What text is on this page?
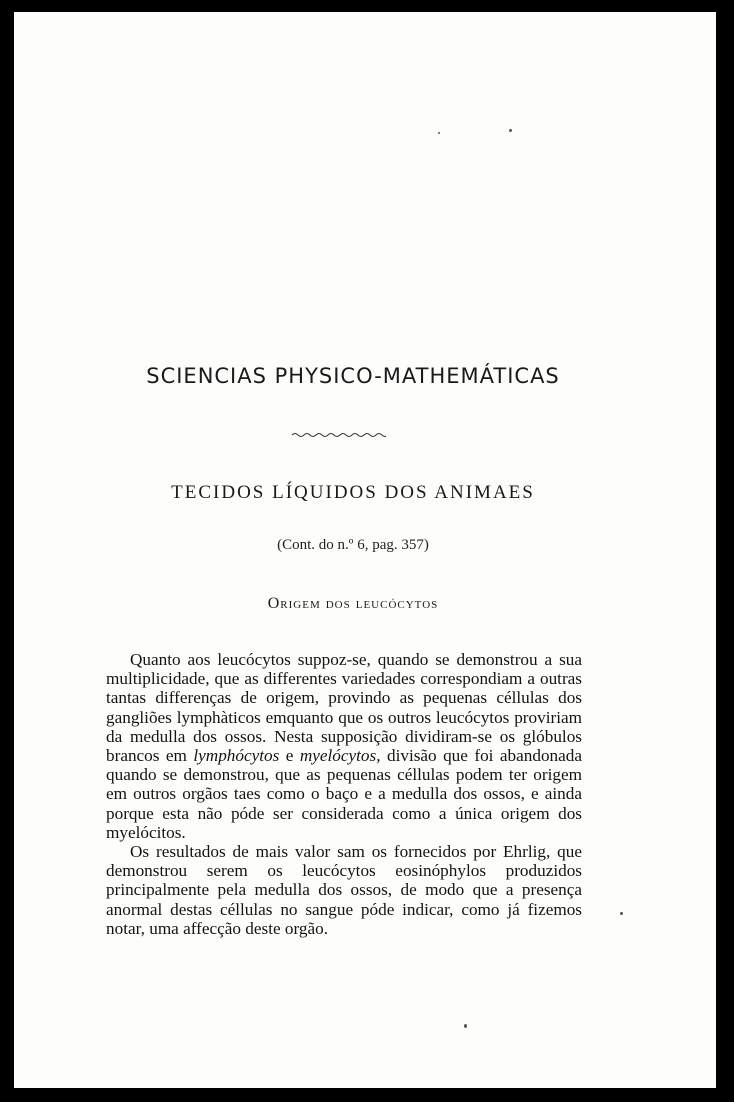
SCIENCIAS PHYSICO-MATHEMÁTICAS
TECIDOS LÍQUIDOS DOS ANIMAES
(Cont. do n.º 6, pag. 357)
Origem dos leucócytos

Quanto aos leucócytos suppoz-se, quando se demonstrou a sua multiplicidade, que as differentes variedades correspondiam a outras tantas differenças de origem, provindo as pequenas céllulas dos gangliões lymphàticos emquanto que os outros leucócytos proviriam da medulla dos ossos. Nesta supposição dividiram-se os glóbulos brancos em lymphócytos e myelócytos, divisão que foi abandonada quando se demonstrou, que as pequenas céllulas podem ter origem em outros orgãos taes como o baço e a medulla dos ossos, e ainda porque esta não póde ser considerada como a única origem dos myelócitos.

Os resultados de mais valor sam os fornecidos por Ehrlig, que demonstrou serem os leucócytos eosinóphylos produzidos principalmente pela medulla dos ossos, de modo que a presença anormal destas céllulas no sangue póde indicar, como já fizemos notar, uma affecção deste orgão.
